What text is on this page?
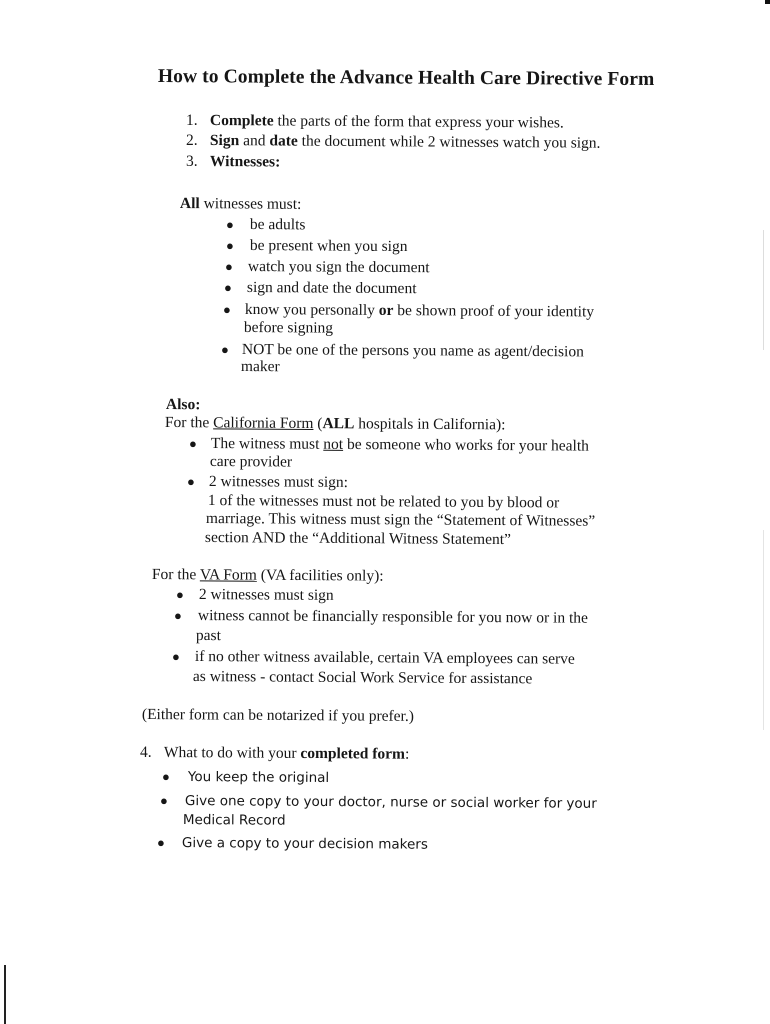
How to Complete the Advance Health Care Directive Form
1. Complete the parts of the form that express your wishes.
2. Sign and date the document while 2 witnesses watch you sign.
3. Witnesses:
All witnesses must:
● be adults
● be present when you sign
● watch you sign the document
● sign and date the document
● know you personally or be shown proof of your identity
before signing
● NOT be one of the persons you name as agent/decision
maker
Also:
For the California Form (ALL hospitals in California):
● The witness must not be someone who works for your health
care provider
● 2 witnesses must sign:
1 of the witnesses must not be related to you by blood or
marriage. This witness must sign the “Statement of Witnesses”
section AND the “Additional Witness Statement”
For the VA Form (VA facilities only):
● 2 witnesses must sign
● witness cannot be financially responsible for you now or in the
past
● if no other witness available, certain VA employees can serve
as witness - contact Social Work Service for assistance
(Either form can be notarized if you prefer.)
4. What to do with your completed form:
● You keep the original
● Give one copy to your doctor, nurse or social worker for your
Medical Record
● Give a copy to your decision makers
